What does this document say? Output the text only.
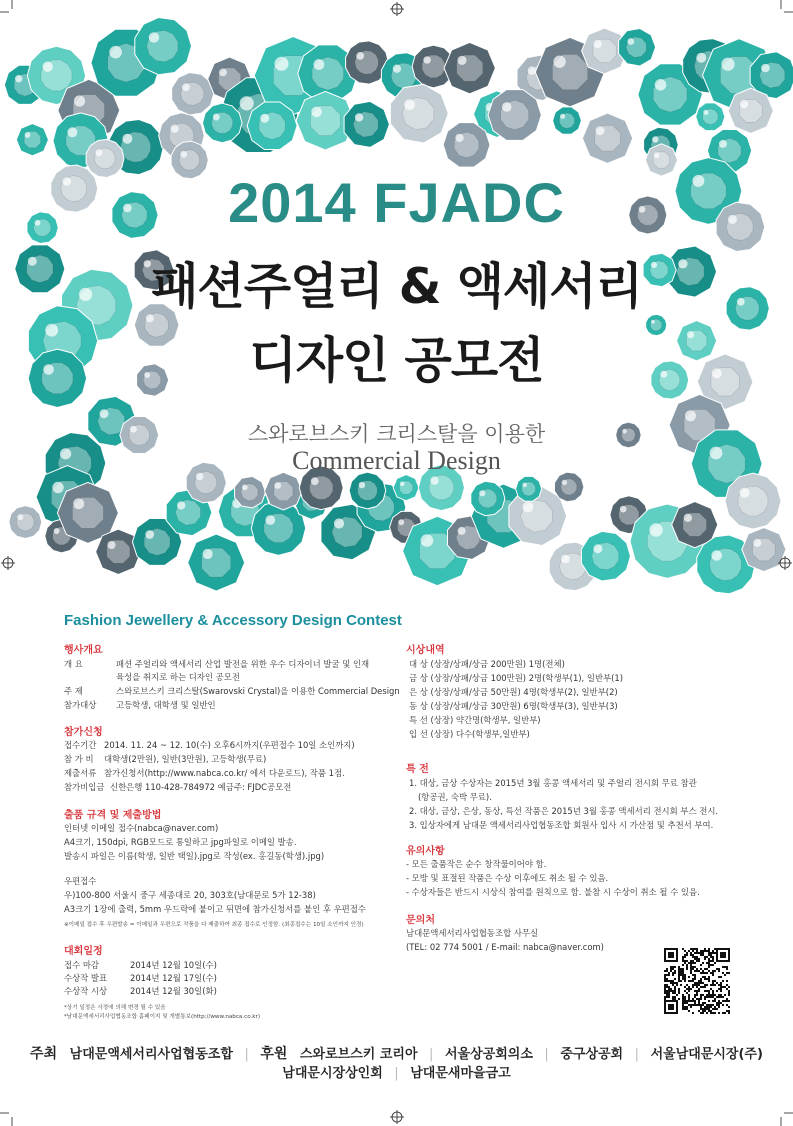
2014 FJADC
패션주얼리 & 액세서리
디자인 공모전
스와로브스키 크리스탈을 이용한
Commercial Design
Fashion Jewellery & Accessory Design Contest
행사개요
개 요	패션 주얼리와 액세서리 산업 발전을 위한 우수 디자이너 발굴 및 인재
육성을 취지로 하는 디자인 공모전
주 제	스와로브스키 크리스탈(Swarovski Crystal)을 이용한 Commercial Design
참가대상 고등학생, 대학생 및 일반인
참가신청
접수기간 2014. 11. 24 ~ 12. 10(수) 오후6시까지(우편접수 10일 소인까지)
참 가 비 대학생(2만원), 일반(3만원), 고등학생(무료)
제출서류 참가신청서(http://www.nabca.co.kr/ 에서 다운로드), 작품 1점.
참가비입금 신한은행 110-428-784972 예금주: FJDC공모전
출품 규격 및 제출방법
인터넷 이메일 접수(nabca@naver.com)
A4크기, 150dpi, RGB모드로 통일하고 jpg파일로 이메일 발송.
발송시 파일은 이름(학생, 일반 택일).jpg로 작성(ex. 홍길동(학생).jpg)
우편접수
우)100-800 서울시 중구 세종대로 20, 303호(남대문로 5가 12-38)
A3크기 1장에 출력, 5mm 우드락에 붙이고 뒤면에 참가신청서를 붙인 후 우편접수
※이메일 접수 후 우편발송 = 이메일과 우편으로 작품을 다 제출하여 최종 접수로 인정함. (최종접수는 10일 소인까지 인정)
대회일정
접수 마감	2014년 12월 10일(수)
수상작 발표	2014년 12월 17일(수)
수상작 시상	2014년 12월 30일(화)
*상기 일정은 사정에 의해 변경 될 수 있음
*남대문액세서리사업협동조합 홈페이지 및 개별통보(http://www.nabca.co.kr)
시상내역
대 상 (상장/상패/상금 200만원) 1명(전체)
금 상 (상장/상패/상금 100만원) 2명(학생부(1), 일반부(1)
은 상 (상장/상패/상금 50만원) 4명(학생부(2), 일반부(2)
동 상 (상장/상패/상금 30만원) 6명(학생부(3), 일반부(3)
특 선 (상장) 약간명(학생부, 일반부)
입 선 (상장) 다수(학생부,일반부)
특 전
1. 대상, 금상 수상자는 2015년 3월 홍콩 액세서리 및 주얼리 전시회 무료 참관
(항공권, 숙박 무료).
2. 대상, 금상, 은상, 동상, 특선 작품은 2015년 3월 홍콩 액세서리 전시회 부스 전시.
3. 입상자에게 남대문 액세서리사업협동조합 회원사 입사 시 가산점 및 추천서 부여.
유의사항
- 모든 출품작은 순수 창작물이어야 함.
- 모방 및 표절된 작품은 수상 이후에도 취소 될 수 있음.
- 수상자들은 반드시 시상식 참여를 원칙으로 함. 불참 시 수상이 취소 될 수 있음.
문의처
남대문액세서리사업협동조합 사무실
(TEL: 02 774 5001 / E-mail: nabca@naver.com)
주최 남대문액세서리사업협동조합 | 후원 스와로브스키 코리아 | 서울상공회의소 | 중구상공회 | 서울남대문시장(주)
남대문시장상인회 | 남대문새마을금고
